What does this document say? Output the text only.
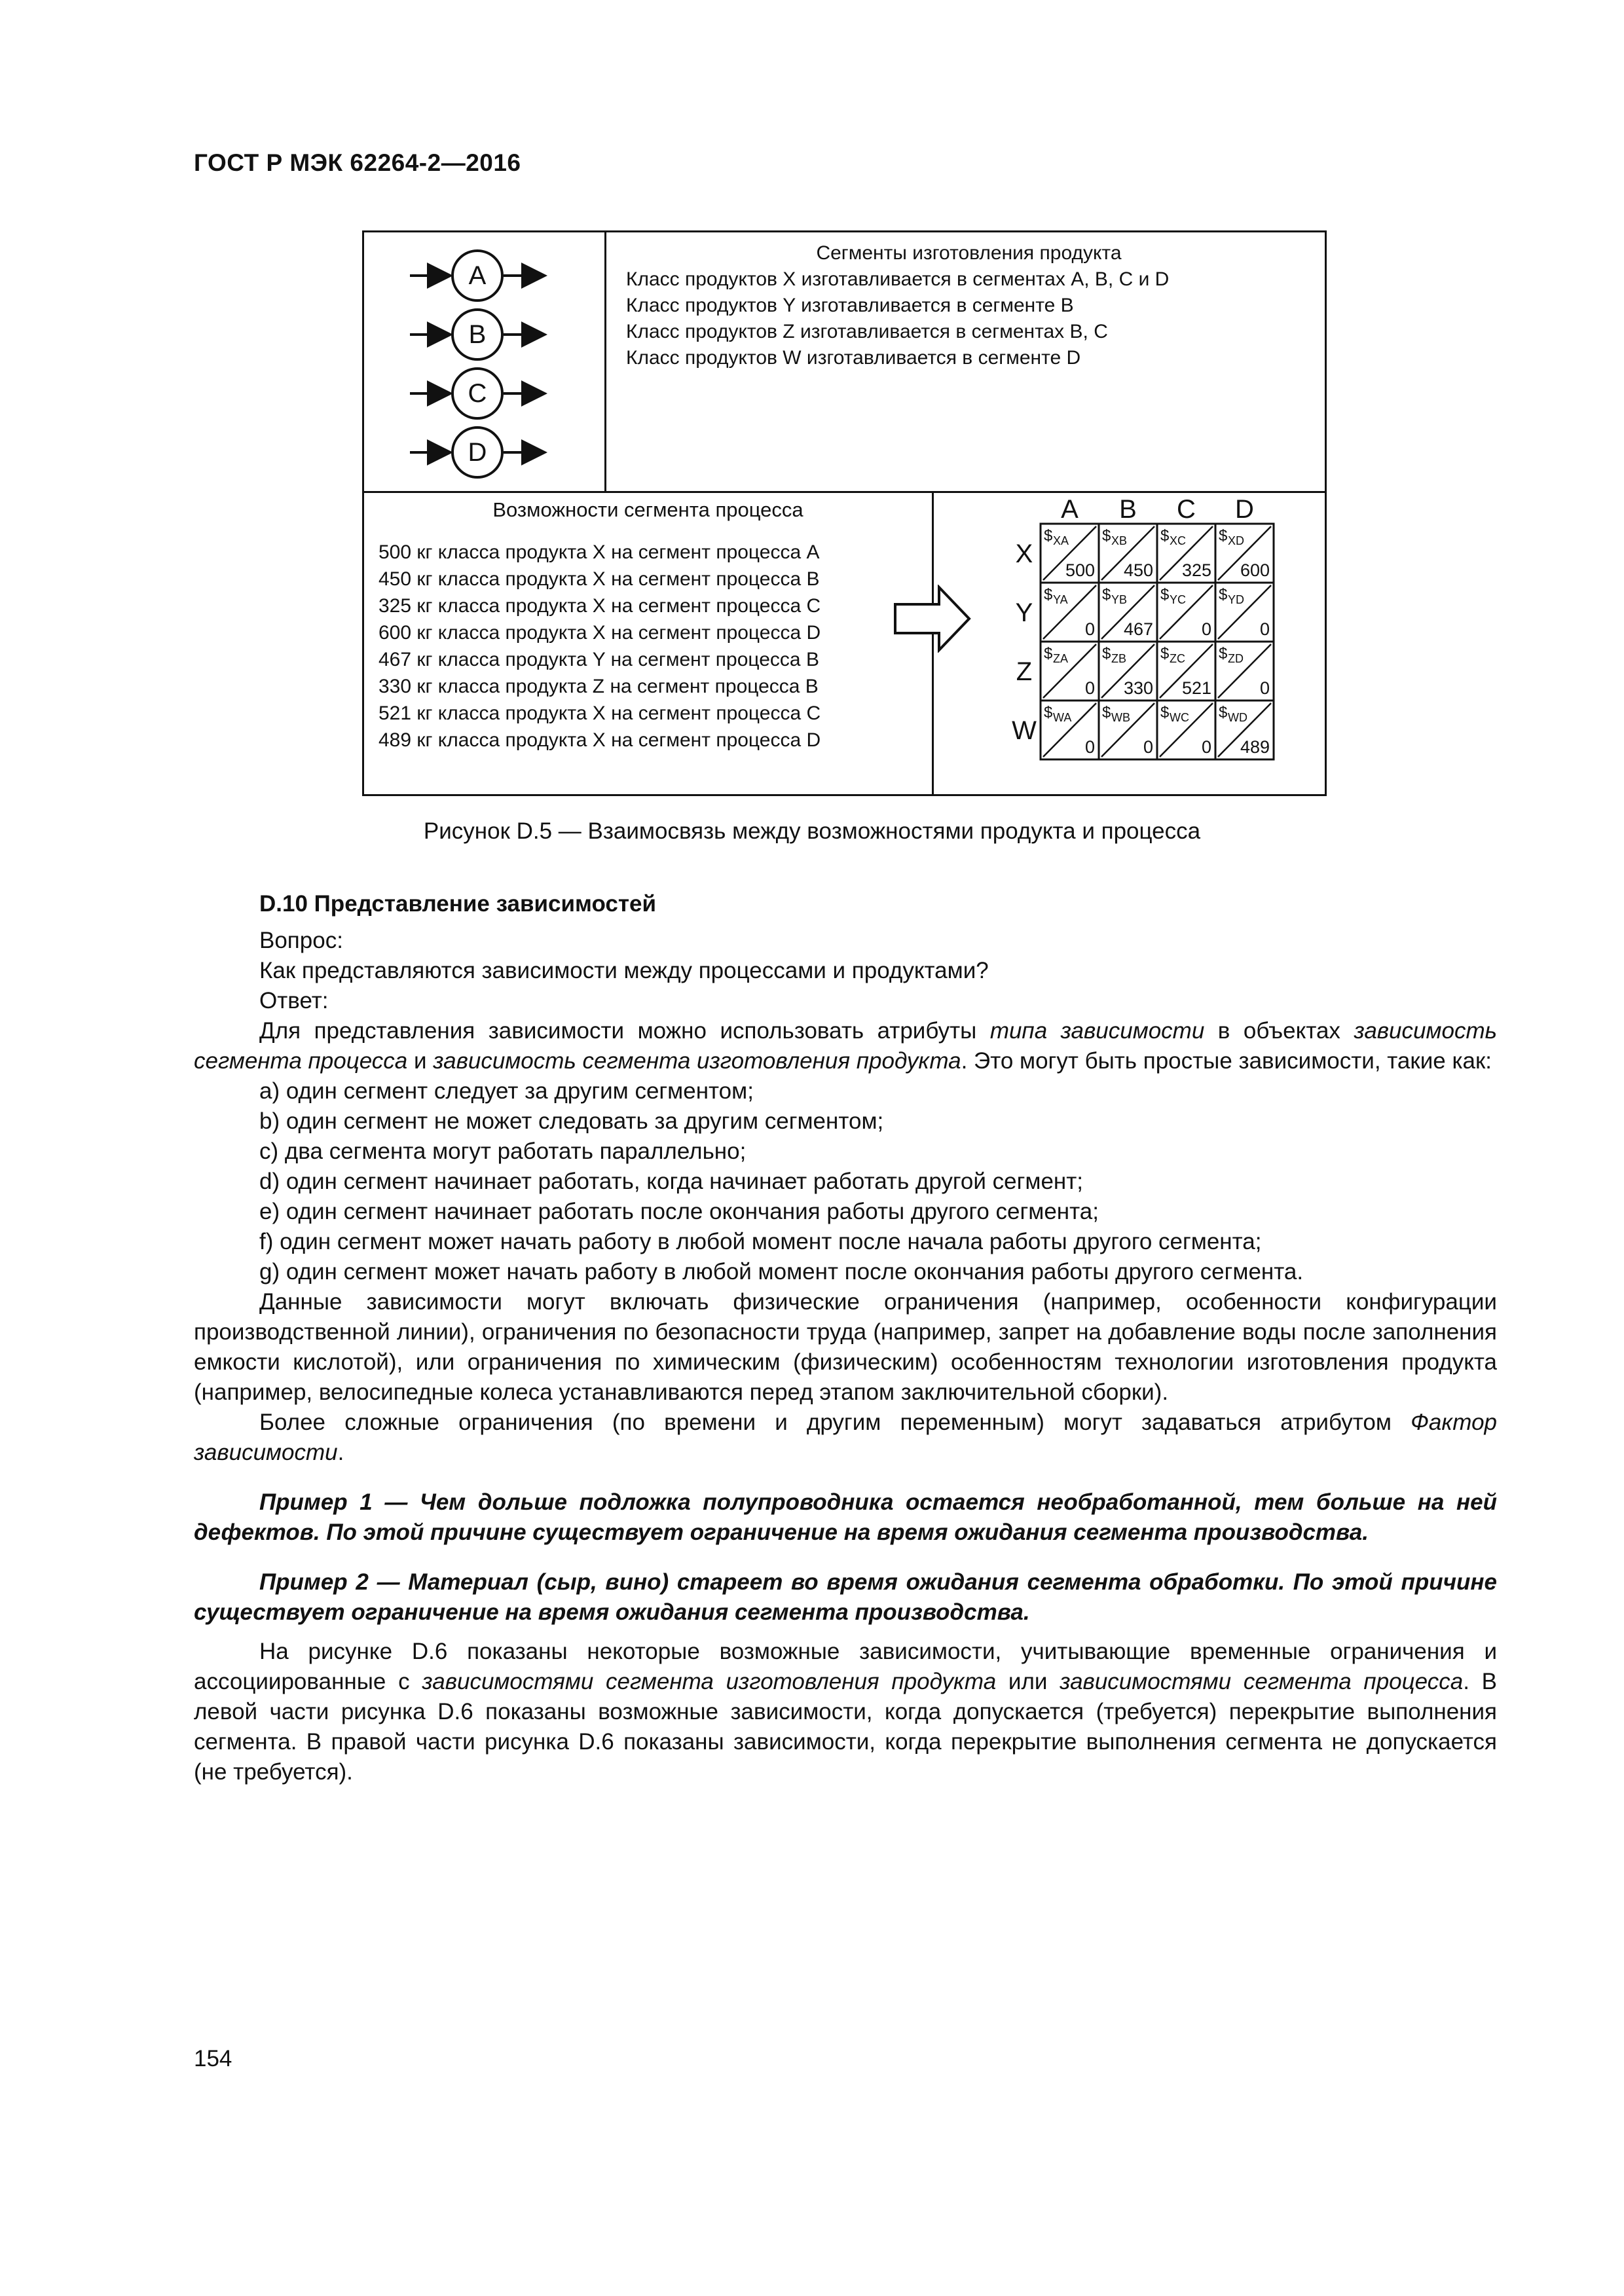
ГОСТ Р МЭК 62264-2—2016
A
B
C
D
Сегменты изготовления продукта
Класс продуктов X изготавливается в сегментах A, B, C и D
Класс продуктов Y изготавливается в сегменте B
Класс продуктов Z изготавливается в сегментах B, C
Класс продуктов W изготавливается в сегменте D
Возможности сегмента процесса
500 кг класса продукта X на сегмент процесса A
450 кг класса продукта X на сегмент процесса B
325 кг класса продукта X на сегмент процесса C
600 кг класса продукта X на сегмент процесса D
467 кг класса продукта Y на сегмент процесса B
330 кг класса продукта Z на сегмент процесса B
521 кг класса продукта X на сегмент процесса C
489 кг класса продукта X на сегмент процесса D
A B C D
X
$ XA
500
$ XB
450
$ XC
325
$ XD
600
Y
$ YA
0
$ YB
467
$ YC
0
$ YD
0
Z
$ ZA
0
$ ZB
330
$ ZC
521
$ ZD
0
W
$ WA
0
$ WB
0
$ WC
0
$ WD
489
Рисунок D.5 — Взаимосвязь между возможностями продукта и процесса
D.10 Представление зависимостей
Вопрос:
Как представляются зависимости между процессами и продуктами?
Ответ:
Для представления зависимости можно использовать атрибуты типа зависимости в объектах зависимость сегмента процесса и зависимость сегмента изготовления продукта. Это могут быть простые зависимости, такие как:
a) один сегмент следует за другим сегментом;
b) один сегмент не может следовать за другим сегментом;
c) два сегмента могут работать параллельно;
d) один сегмент начинает работать, когда начинает работать другой сегмент;
e) один сегмент начинает работать после окончания работы другого сегмента;
f) один сегмент может начать работу в любой момент после начала работы другого сегмента;
g) один сегмент может начать работу в любой момент после окончания работы другого сегмента.
Данные зависимости могут включать физические ограничения (например, особенности конфигурации производственной линии), ограничения по безопасности труда (например, запрет на добавление воды после заполнения емкости кислотой), или ограничения по химическим (физическим) особенностям технологии изготовления продукта (например, велосипедные колеса устанавливаются перед этапом заключительной сборки).
Более сложные ограничения (по времени и другим переменным) могут задаваться атрибутом Фактор зависимости.
Пример 1 — Чем дольше подложка полупроводника остается необработанной, тем больше на ней дефектов. По этой причине существует ограничение на время ожидания сегмента производства.
Пример 2 — Материал (сыр, вино) стареет во время ожидания сегмента обработки. По этой причине существует ограничение на время ожидания сегмента производства.
На рисунке D.6 показаны некоторые возможные зависимости, учитывающие временные ограничения и ассоциированные с зависимостями сегмента изготовления продукта или зависимостями сегмента процесса. В левой части рисунка D.6 показаны возможные зависимости, когда допускается (требуется) перекрытие выполнения сегмента. В правой части рисунка D.6 показаны зависимости, когда перекрытие выполнения сегмента не допускается (не требуется).
154
